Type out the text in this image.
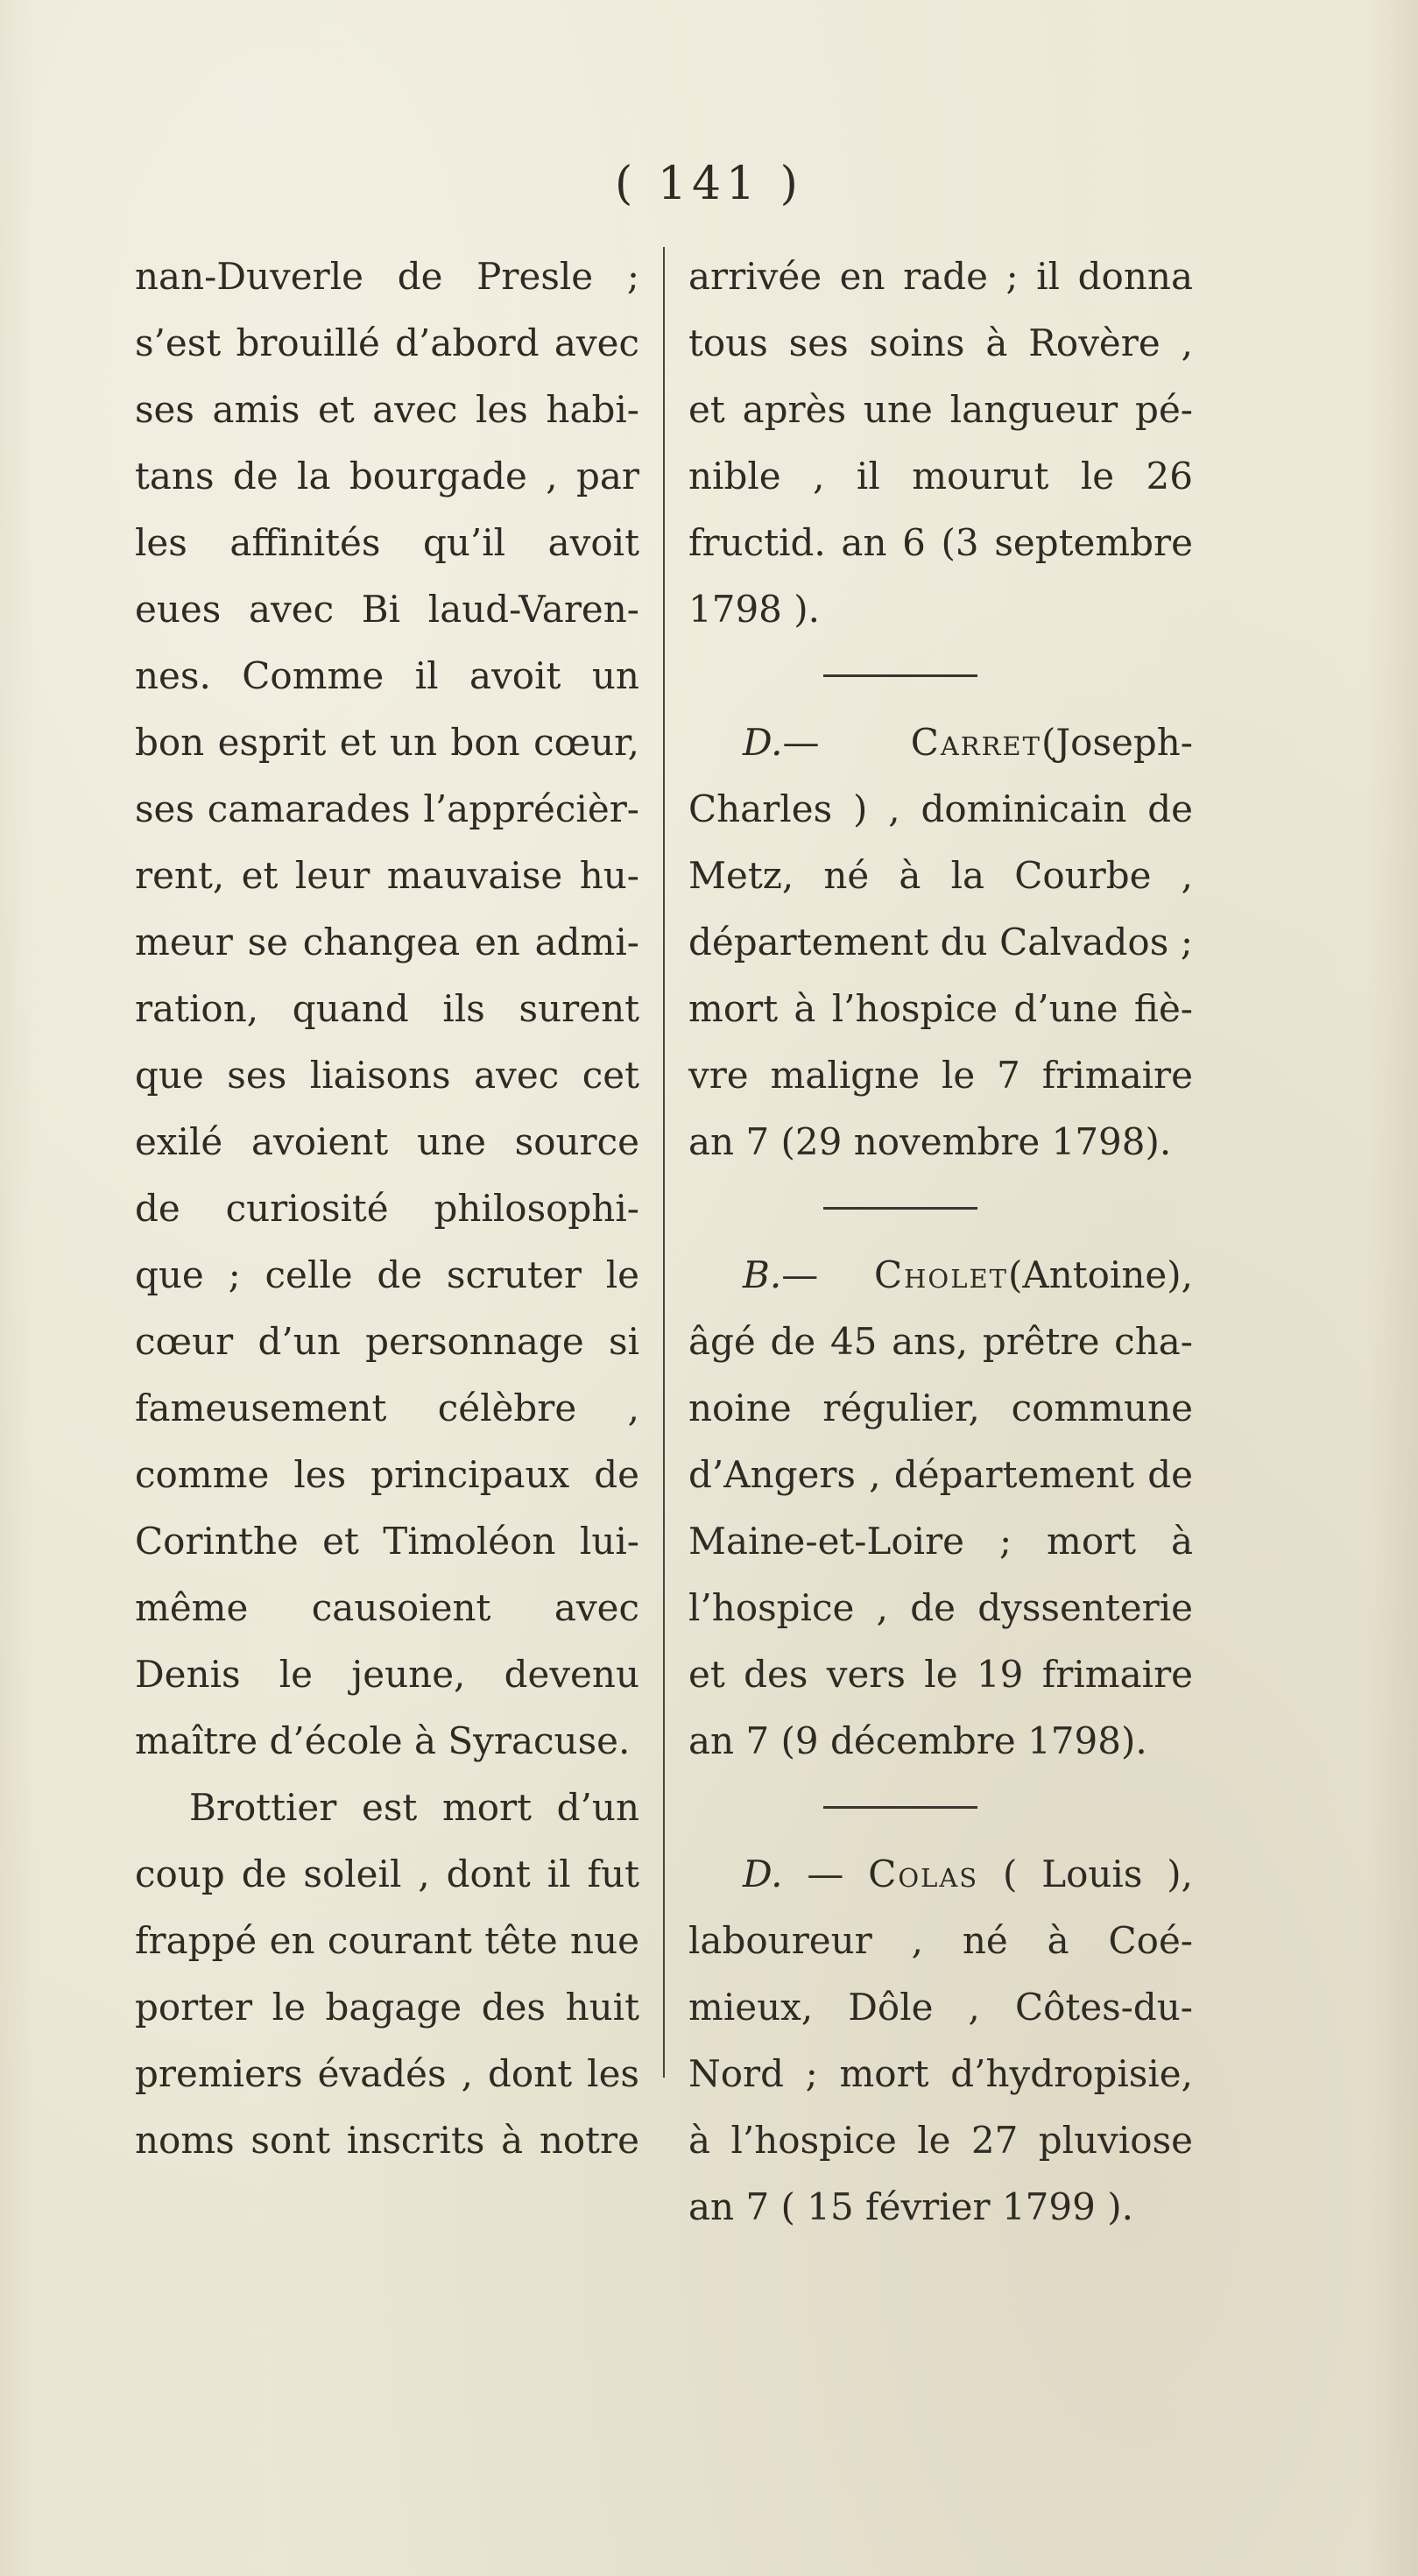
( 141 )
nan-Duverle de Presle ;
s’est brouillé d’abord avec
ses amis et avec les habi-
tans de la bourgade , par
les affinités qu’il avoit
eues avec Bi laud-Varen-
nes. Comme il avoit un
bon esprit et un bon cœur,
ses camarades l’apprécièr-
rent, et leur mauvaise hu-
meur se changea en admi-
ration, quand ils surent
que ses liaisons avec cet
exilé avoient une source
de curiosité philosophi-
que ; celle de scruter le
cœur d’un personnage si
fameusement célèbre ,
comme les principaux de
Corinthe et Timoléon lui-
même causoient avec
Denis le jeune, devenu
maître d’école à Syracuse.
Brottier est mort d’un
coup de soleil , dont il fut
frappé en courant tête nue
porter le bagage des huit
premiers évadés , dont les
noms sont inscrits à notre
arrivée en rade ; il donna
tous ses soins à Rovère ,
et après une langueur pé-
nible , il mourut le 26
fructid. an 6 (3 septembre
1798 ).
D.— Carret(Joseph-
Charles ) , dominicain de
Metz, né à la Courbe ,
département du Calvados ;
mort à l’hospice d’une fiè-
vre maligne le 7 frimaire
an 7 (29 novembre 1798).
B.— Cholet(Antoine),
âgé de 45 ans, prêtre cha-
noine régulier, commune
d’Angers , département de
Maine-et-Loire ; mort à
l’hospice , de dyssenterie
et des vers le 19 frimaire
an 7 (9 décembre 1798).
D. — Colas ( Louis ),
laboureur , né à Coé-
mieux, Dôle , Côtes-du-
Nord ; mort d’hydropisie,
à l’hospice le 27 pluviose
an 7 ( 15 février 1799 ).
